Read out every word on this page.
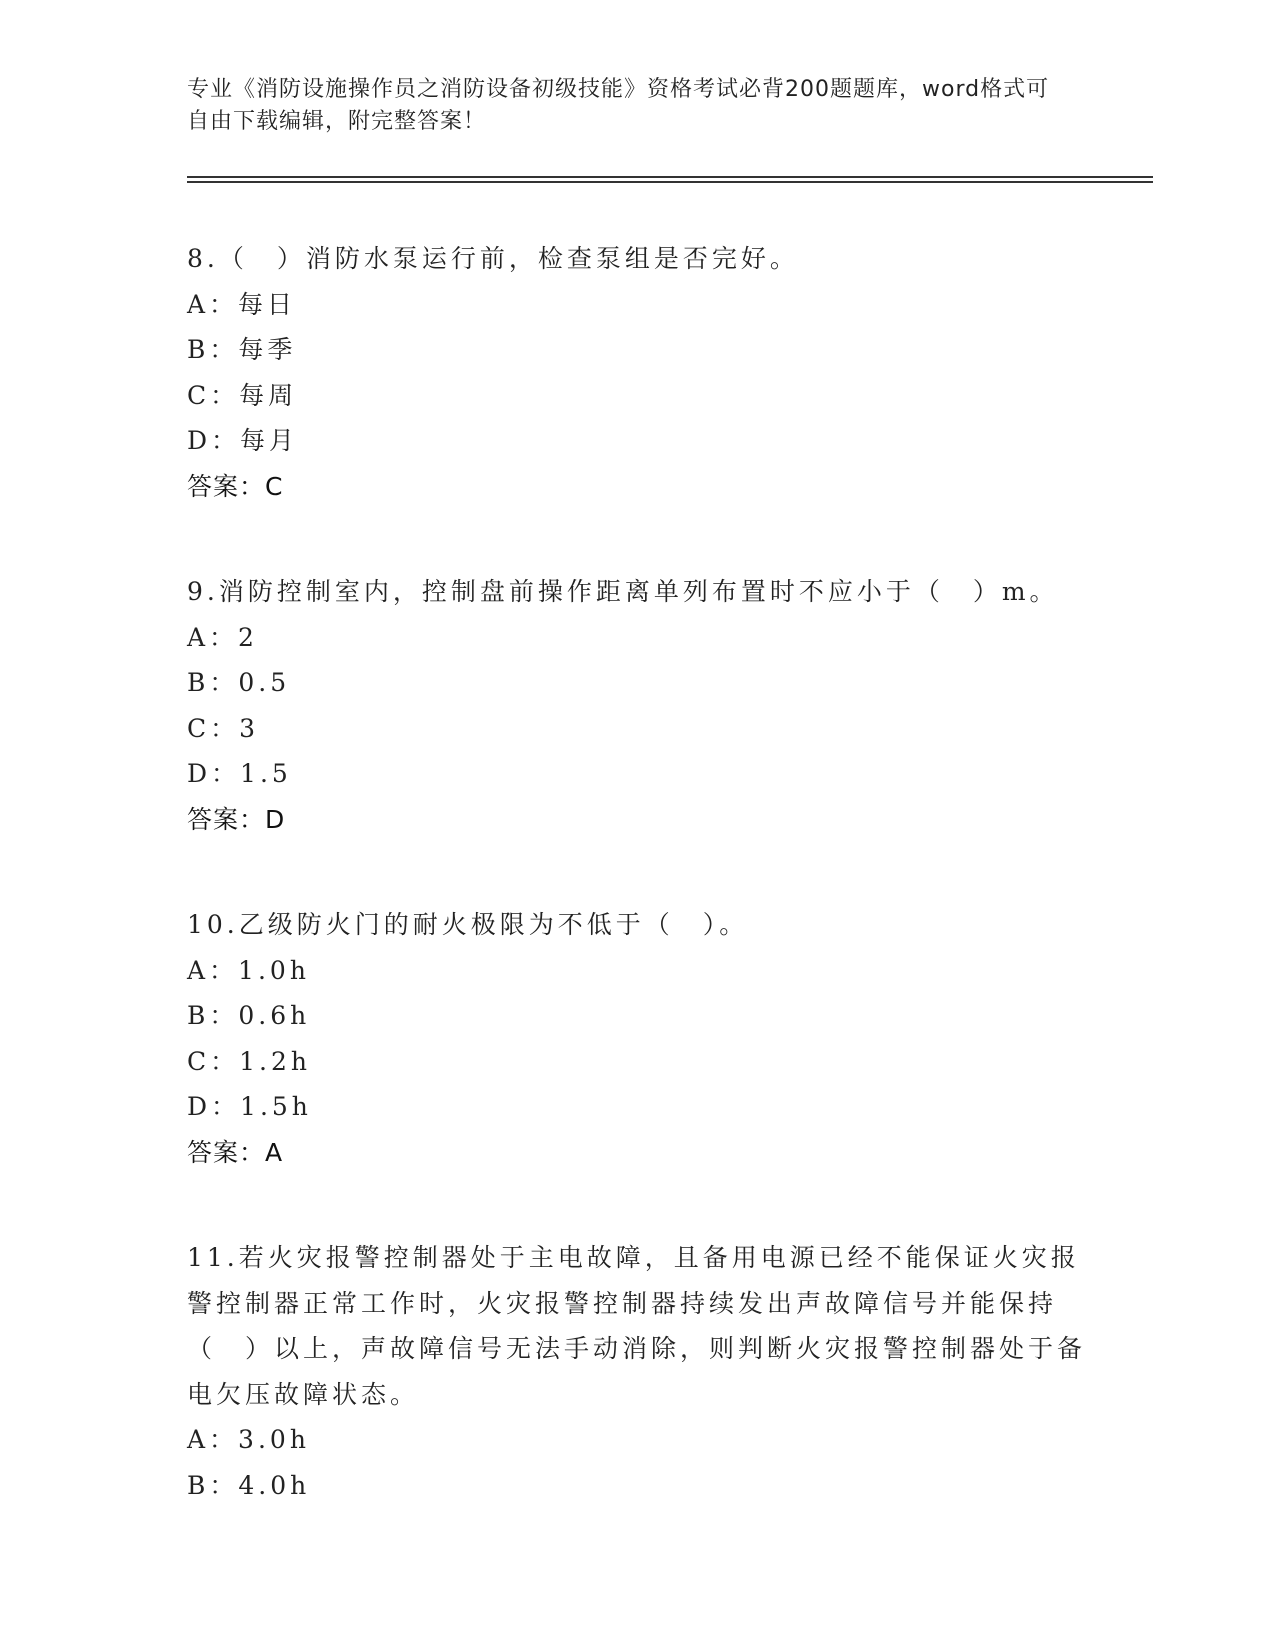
专业《消防设施操作员之消防设备初级技能》资格考试必背200题题库，word格式可自由下载编辑，附完整答案！
8.（　）消防水泵运行前，检查泵组是否完好。
A：每日
B：每季
C：每周
D：每月
答案：C
9.消防控制室内，控制盘前操作距离单列布置时不应小于（　）m。
A：2
B：0.5
C：3
D：1.5
答案：D
10.乙级防火门的耐火极限为不低于（　）。
A：1.0h
B：0.6h
C：1.2h
D：1.5h
答案：A
11.若火灾报警控制器处于主电故障，且备用电源已经不能保证火灾报警控制器正常工作时，火灾报警控制器持续发出声故障信号并能保持（　）以上，声故障信号无法手动消除，则判断火灾报警控制器处于备电欠压故障状态。
A：3.0h
B：4.0h
